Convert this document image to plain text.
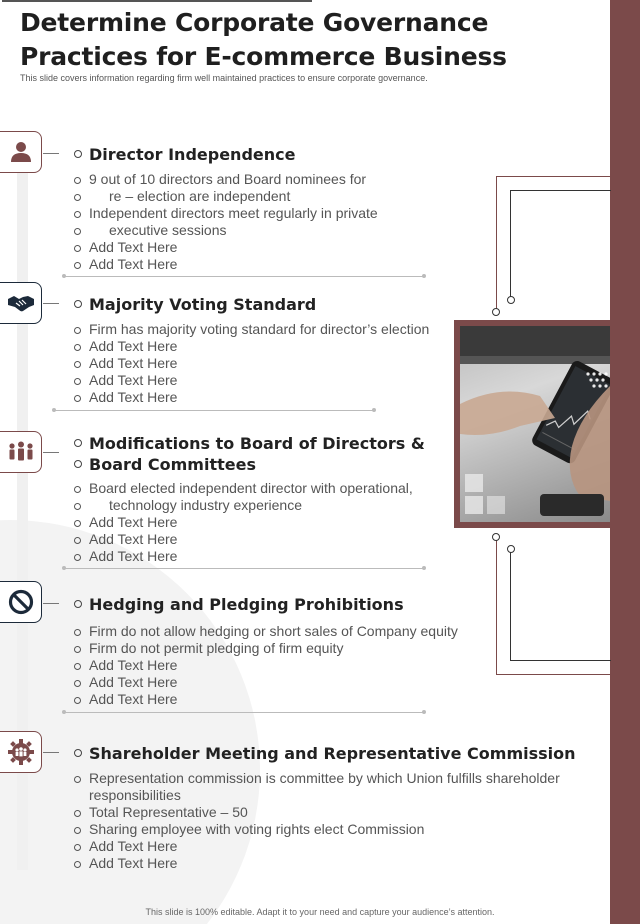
Determine Corporate Governance Practices for E-commerce Business
This slide covers information regarding firm well maintained practices to ensure corporate governance.
Director Independence
9 out of 10 directors and Board nominees for
re – election are independent
Independent directors meet regularly in private
executive sessions
Add Text Here
Add Text Here
Majority Voting Standard
Firm has majority voting standard for director’s election
Add Text Here
Add Text Here
Add Text Here
Add Text Here
Modifications to Board of Directors &
Board Committees
Board elected independent director with operational,
technology industry experience
Add Text Here
Add Text Here
Add Text Here
Hedging and Pledging Prohibitions
Firm do not allow hedging or short sales of Company equity
Firm do not permit pledging of firm equity
Add Text Here
Add Text Here
Add Text Here
Shareholder Meeting and Representative Commission
Representation commission is committee by which Union fulfills shareholder
responsibilities
Total Representative – 50
Sharing employee with voting rights elect Commission
Add Text Here
Add Text Here
This slide is 100% editable. Adapt it to your need and capture your audience’s attention.
